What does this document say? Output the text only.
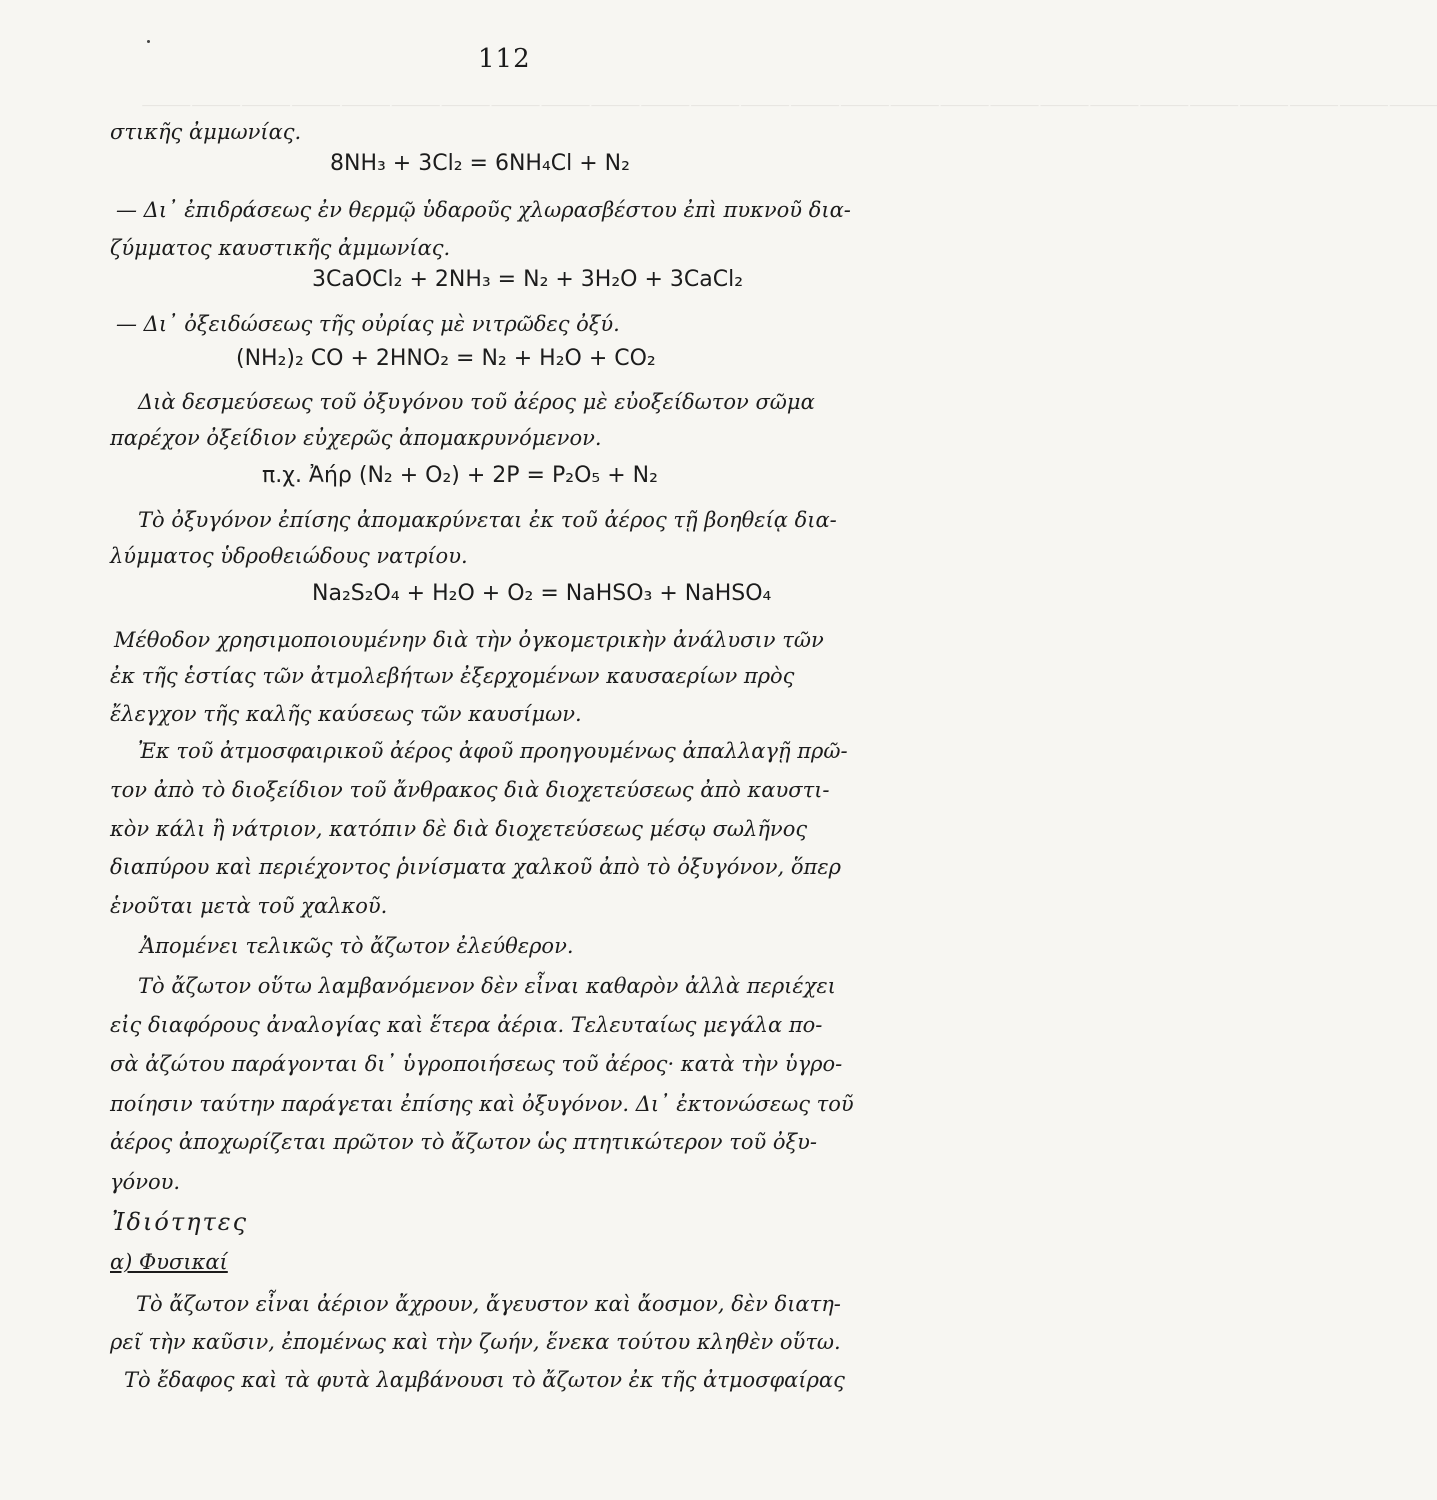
⸻⸻⸻⸻⸻⸻⸻⸻⸻⸻⸻⸻⸻⸻⸻⸻⸻⸻⸻⸻⸻⸻⸻⸻⸻⸻
112
στικῆς ἀμμωνίας.
8NH₃ + 3Cl₂ = 6NH₄Cl + N₂
— Δι᾽ ἐπιδράσεως ἐν θερμῷ ὑδαροῦς χλωρασβέστου ἐπὶ πυκνοῦ δια-
ζύμματος καυστικῆς ἀμμωνίας.
3CaOCl₂ + 2NH₃ = N₂ + 3H₂O + 3CaCl₂
— Δι᾽ ὀξειδώσεως τῆς οὐρίας μὲ νιτρῶδες ὀξύ.
(NH₂)₂ CO + 2HNO₂ = N₂ + H₂O + CO₂
Διὰ δεσμεύσεως τοῦ ὀξυγόνου τοῦ ἀέρος μὲ εὐοξείδωτον σῶμα
παρέχον ὀξείδιον εὐχερῶς ἀπομακρυνόμενον.
π.χ. Ἀήρ (N₂ + O₂) + 2P = P₂O₅ + N₂
Τὸ ὀξυγόνον ἐπίσης ἀπομακρύνεται ἐκ τοῦ ἀέρος τῇ βοηθείᾳ δια-
λύμματος ὑδροθειώδους νατρίου.
Na₂S₂O₄ + H₂O + O₂ = NaHSO₃ + NaHSO₄
Μέθοδον χρησιμοποιουμένην διὰ τὴν ὀγκομετρικὴν ἀνάλυσιν τῶν
ἐκ τῆς ἑστίας τῶν ἀτμολεβήτων ἐξερχομένων καυσαερίων πρὸς
ἔλεγχον τῆς καλῆς καύσεως τῶν καυσίμων.
Ἐκ τοῦ ἀτμοσφαιρικοῦ ἀέρος ἀφοῦ προηγουμένως ἀπαλλαγῇ πρῶ-
τον ἀπὸ τὸ διοξείδιον τοῦ ἄνθρακος διὰ διοχετεύσεως ἀπὸ καυστι-
κὸν κάλι ἢ νάτριον, κατόπιν δὲ διὰ διοχετεύσεως μέσῳ σωλῆνος
διαπύρου καὶ περιέχοντος ῥινίσματα χαλκοῦ ἀπὸ τὸ ὀξυγόνον, ὅπερ
ἑνοῦται μετὰ τοῦ χαλκοῦ.
Ἀπομένει τελικῶς τὸ ἄζωτον ἐλεύθερον.
Τὸ ἄζωτον οὕτω λαμβανόμενον δὲν εἶναι καθαρὸν ἀλλὰ περιέχει
εἰς διαφόρους ἀναλογίας καὶ ἕτερα ἀέρια. Τελευταίως μεγάλα πο-
σὰ ἀζώτου παράγονται δι᾽ ὑγροποιήσεως τοῦ ἀέρος· κατὰ τὴν ὑγρο-
ποίησιν ταύτην παράγεται ἐπίσης καὶ ὀξυγόνον. Δι᾽ ἐκτονώσεως τοῦ
ἀέρος ἀποχωρίζεται πρῶτον τὸ ἄζωτον ὡς πτητικώτερον τοῦ ὀξυ-
γόνου.
Ἰδιότητες
α) Φυσικαί
Τὸ ἄζωτον εἶναι ἀέριον ἄχρουν, ἄγευστον καὶ ἄοσμον, δὲν διατη-
ρεῖ τὴν καῦσιν, ἐπομένως καὶ τὴν ζωήν, ἕνεκα τούτου κληθὲν οὕτω.
Τὸ ἔδαφος καὶ τὰ φυτὰ λαμβάνουσι τὸ ἄζωτον ἐκ τῆς ἀτμοσφαίρας
